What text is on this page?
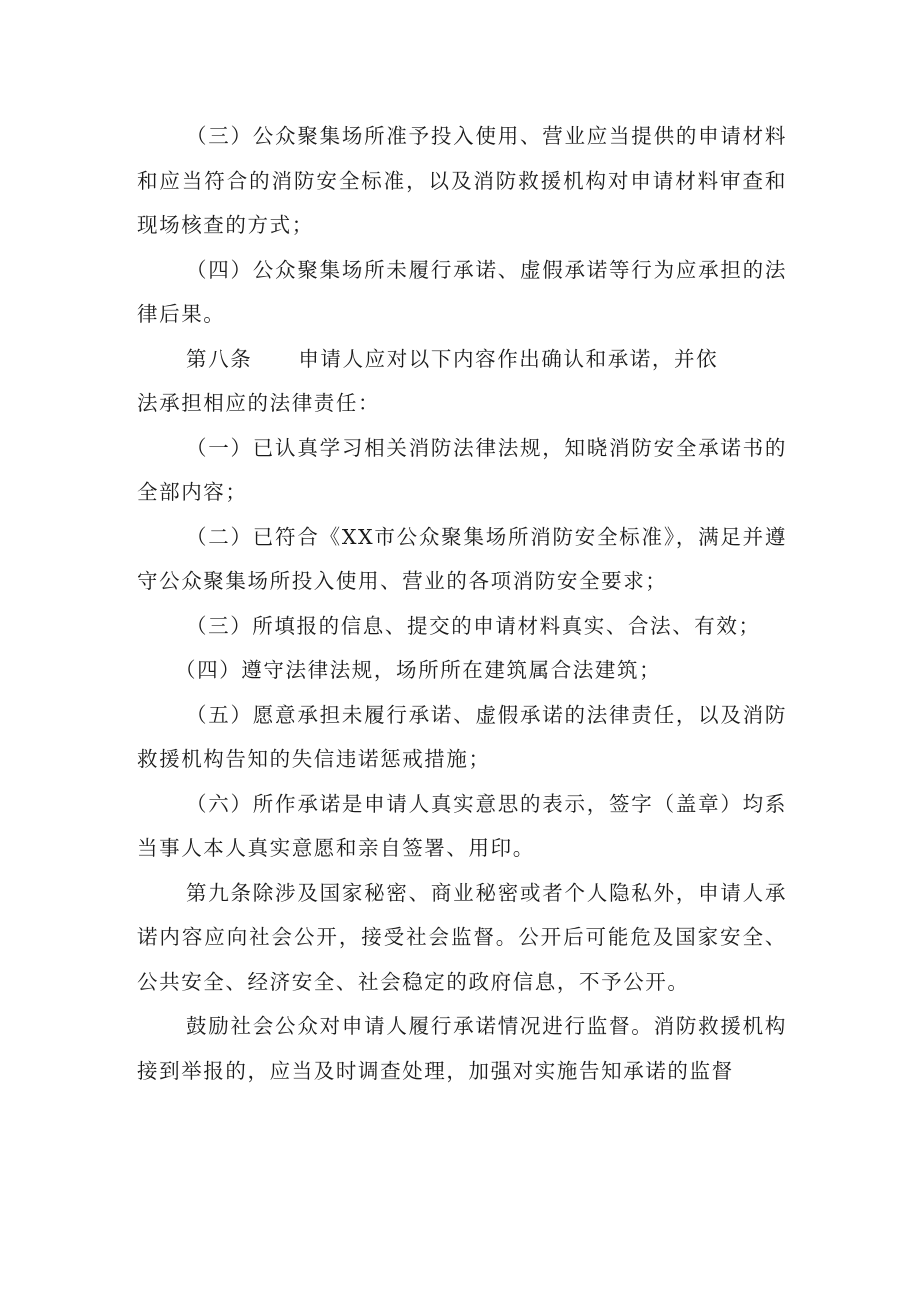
（三）公众聚集场所准予投入使用、营业应当提供的申请材料和应当符合的消防安全标准，以及消防救援机构对申请材料审查和现场核查的方式；

（四）公众聚集场所未履行承诺、虚假承诺等行为应承担的法律后果。

第八条 申请人应对以下内容作出确认和承诺，并依

法承担相应的法律责任：

（一）已认真学习相关消防法律法规，知晓消防安全承诺书的全部内容；

（二）已符合《XX市公众聚集场所消防安全标准》，满足并遵守公众聚集场所投入使用、营业的各项消防安全要求；

（三）所填报的信息、提交的申请材料真实、合法、有效；

（四）遵守法律法规，场所所在建筑属合法建筑；

（五）愿意承担未履行承诺、虚假承诺的法律责任，以及消防救援机构告知的失信违诺惩戒措施；

（六）所作承诺是申请人真实意思的表示，签字（盖章）均系当事人本人真实意愿和亲自签署、用印。

第九条除涉及国家秘密、商业秘密或者个人隐私外，申请人承诺内容应向社会公开，接受社会监督。公开后可能危及国家安全、公共安全、经济安全、社会稳定的政府信息，不予公开。

鼓励社会公众对申请人履行承诺情况进行监督。消防救援机构接到举报的，应当及时调查处理，加强对实施告知承诺的监督
